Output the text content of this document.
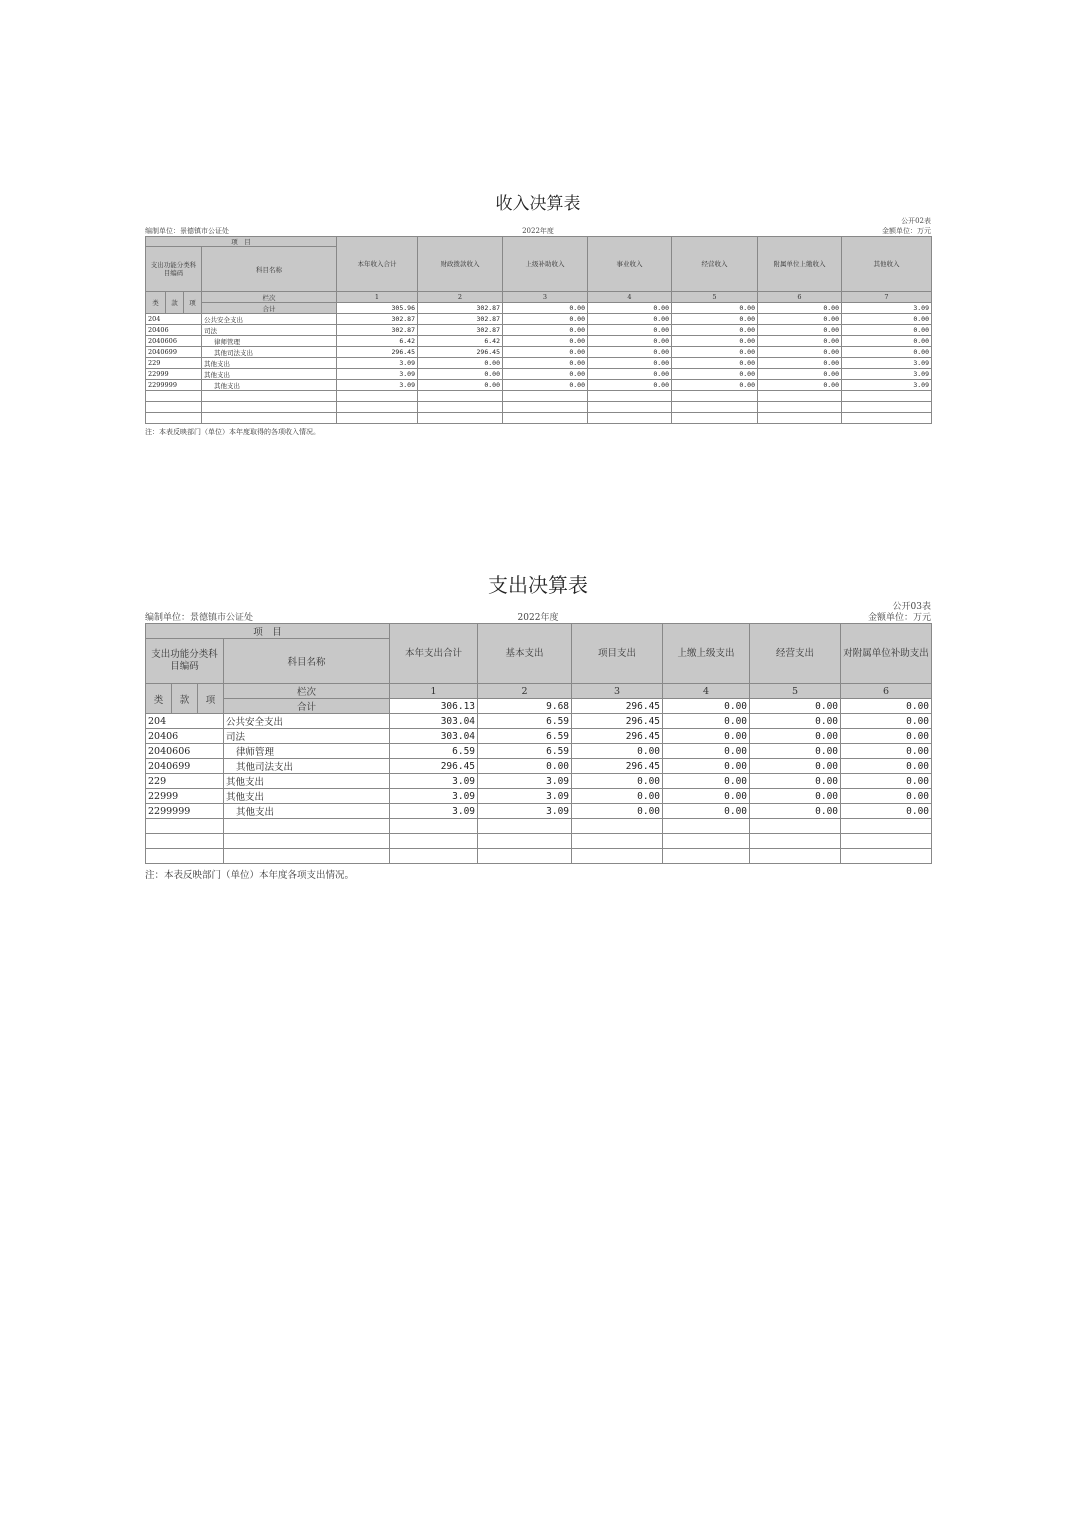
收入决算表
公开02表
编制单位：景德镇市公证处	2022年度	金额单位：万元
项　目				本年收入合计	财政拨款收入	上级补助收入	事业收入	经营收入	附属单位上缴收入	其他收入
支出功能分类科目编码			科目名称							
类	款	项								
			栏次	1	2	3	4	5	6	7
			合计	305.96	302.87	0.00	0.00	0.00	0.00	3.09
204			公共安全支出	302.87	302.87	0.00	0.00	0.00	0.00	0.00
20406			司法	302.87	302.87	0.00	0.00	0.00	0.00	0.00
2040606			律师管理	6.42	6.42	0.00	0.00	0.00	0.00	0.00
2040699			其他司法支出	296.45	296.45	0.00	0.00	0.00	0.00	0.00
229			其他支出	3.09	0.00	0.00	0.00	0.00	0.00	3.09
22999			其他支出	3.09	0.00	0.00	0.00	0.00	0.00	3.09
2299999			其他支出	3.09	0.00	0.00	0.00	0.00	0.00	3.09

注：本表反映部门（单位）本年度取得的各项收入情况。
支出决算表
公开03表
编制单位：景德镇市公证处	2022年度	金额单位：万元
项　目				本年支出合计	基本支出	项目支出	上缴上级支出	经营支出	对附属单位补助支出
支出功能分类科目编码			科目名称						
类	款	项							
			栏次	1	2	3	4	5	6
			合计	306.13	9.68	296.45	0.00	0.00	0.00
204			公共安全支出	303.04	6.59	296.45	0.00	0.00	0.00
20406			司法	303.04	6.59	296.45	0.00	0.00	0.00
2040606			律师管理	6.59	6.59	0.00	0.00	0.00	0.00
2040699			其他司法支出	296.45	0.00	296.45	0.00	0.00	0.00
229			其他支出	3.09	3.09	0.00	0.00	0.00	0.00
22999			其他支出	3.09	3.09	0.00	0.00	0.00	0.00
2299999			其他支出	3.09	3.09	0.00	0.00	0.00	0.00

注：本表反映部门（单位）本年度各项支出情况。
